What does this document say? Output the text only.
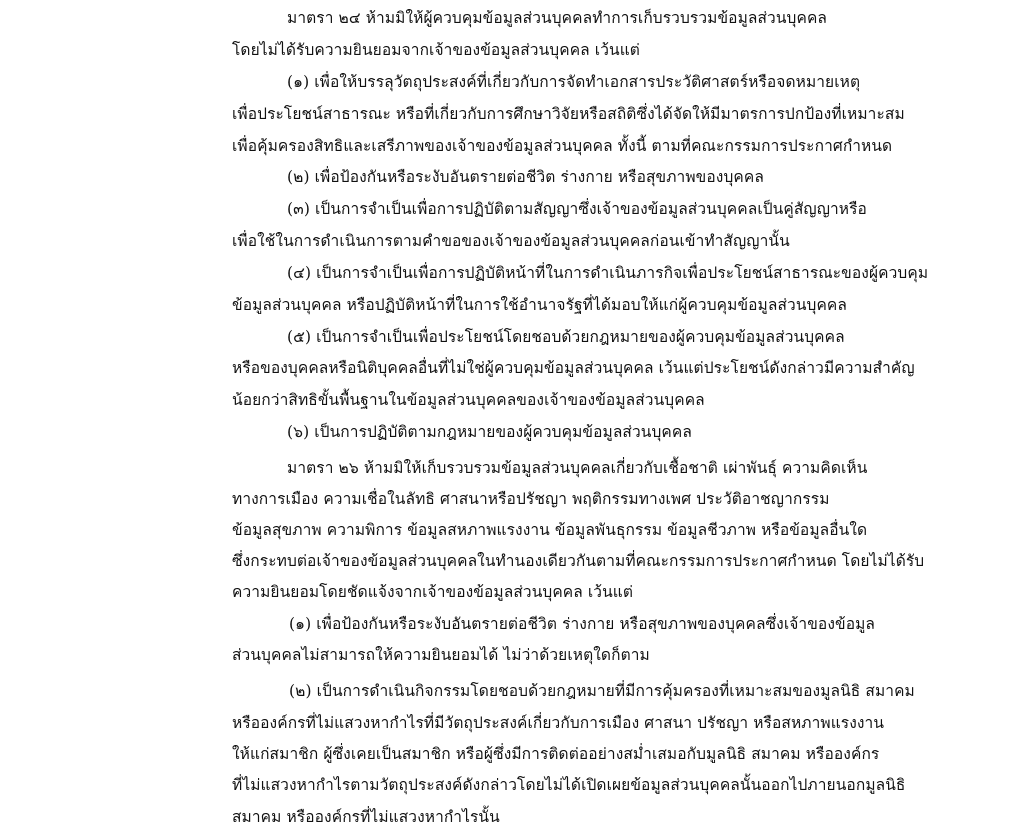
มาตรา ๒๔ ห้ามมิให้ผู้ควบคุมข้อมูลส่วนบุคคลทำการเก็บรวบรวมข้อมูลส่วนบุคคล

โดยไม่ได้รับความยินยอมจากเจ้าของข้อมูลส่วนบุคคล เว้นแต่

(๑) เพื่อให้บรรลุวัตถุประสงค์ที่เกี่ยวกับการจัดทำเอกสารประวัติศาสตร์หรือจดหมายเหตุ

เพื่อประโยชน์สาธารณะ หรือที่เกี่ยวกับการศึกษาวิจัยหรือสถิติซึ่งได้จัดให้มีมาตรการปกป้องที่เหมาะสม

เพื่อคุ้มครองสิทธิและเสรีภาพของเจ้าของข้อมูลส่วนบุคคล ทั้งนี้ ตามที่คณะกรรมการประกาศกำหนด

(๒) เพื่อป้องกันหรือระงับอันตรายต่อชีวิต ร่างกาย หรือสุขภาพของบุคคล

(๓) เป็นการจำเป็นเพื่อการปฏิบัติตามสัญญาซึ่งเจ้าของข้อมูลส่วนบุคคลเป็นคู่สัญญาหรือ

เพื่อใช้ในการดำเนินการตามคำขอของเจ้าของข้อมูลส่วนบุคคลก่อนเข้าทำสัญญานั้น

(๔) เป็นการจำเป็นเพื่อการปฏิบัติหน้าที่ในการดำเนินภารกิจเพื่อประโยชน์สาธารณะของผู้ควบคุม

ข้อมูลส่วนบุคคล หรือปฏิบัติหน้าที่ในการใช้อำนาจรัฐที่ได้มอบให้แก่ผู้ควบคุมข้อมูลส่วนบุคคล

(๕) เป็นการจำเป็นเพื่อประโยชน์โดยชอบด้วยกฎหมายของผู้ควบคุมข้อมูลส่วนบุคคล

หรือของบุคคลหรือนิติบุคคลอื่นที่ไม่ใช่ผู้ควบคุมข้อมูลส่วนบุคคล เว้นแต่ประโยชน์ดังกล่าวมีความสำคัญ

น้อยกว่าสิทธิขั้นพื้นฐานในข้อมูลส่วนบุคคลของเจ้าของข้อมูลส่วนบุคคล

(๖) เป็นการปฏิบัติตามกฎหมายของผู้ควบคุมข้อมูลส่วนบุคคล

มาตรา ๒๖ ห้ามมิให้เก็บรวบรวมข้อมูลส่วนบุคคลเกี่ยวกับเชื้อชาติ เผ่าพันธุ์ ความคิดเห็น

ทางการเมือง ความเชื่อในลัทธิ ศาสนาหรือปรัชญา พฤติกรรมทางเพศ ประวัติอาชญากรรม

ข้อมูลสุขภาพ ความพิการ ข้อมูลสหภาพแรงงาน ข้อมูลพันธุกรรม ข้อมูลชีวภาพ หรือข้อมูลอื่นใด

ซึ่งกระทบต่อเจ้าของข้อมูลส่วนบุคคลในทำนองเดียวกันตามที่คณะกรรมการประกาศกำหนด โดยไม่ได้รับ

ความยินยอมโดยชัดแจ้งจากเจ้าของข้อมูลส่วนบุคคล เว้นแต่

(๑) เพื่อป้องกันหรือระงับอันตรายต่อชีวิต ร่างกาย หรือสุขภาพของบุคคลซึ่งเจ้าของข้อมูล

ส่วนบุคคลไม่สามารถให้ความยินยอมได้ ไม่ว่าด้วยเหตุใดก็ตาม

(๒) เป็นการดำเนินกิจกรรมโดยชอบด้วยกฎหมายที่มีการคุ้มครองที่เหมาะสมของมูลนิธิ สมาคม

หรือองค์กรที่ไม่แสวงหากำไรที่มีวัตถุประสงค์เกี่ยวกับการเมือง ศาสนา ปรัชญา หรือสหภาพแรงงาน

ให้แก่สมาชิก ผู้ซึ่งเคยเป็นสมาชิก หรือผู้ซึ่งมีการติดต่ออย่างสม่ำเสมอกับมูลนิธิ สมาคม หรือองค์กร

ที่ไม่แสวงหากำไรตามวัตถุประสงค์ดังกล่าวโดยไม่ได้เปิดเผยข้อมูลส่วนบุคคลนั้นออกไปภายนอกมูลนิธิ

สมาคม หรือองค์กรที่ไม่แสวงหากำไรนั้น
